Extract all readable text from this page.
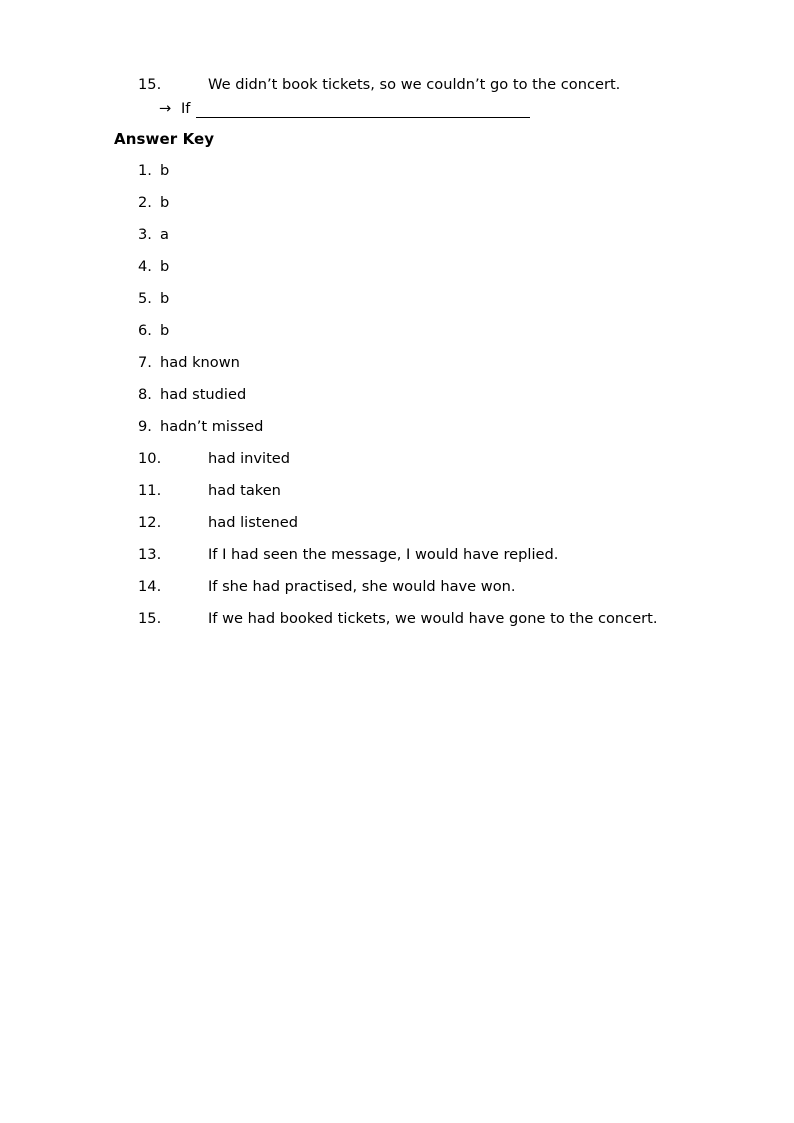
15.	We didn’t book tickets, so we couldn’t go to the concert.
→ If
Answer Key
1. b
2. b
3. a
4. b
5. b
6. b
7. had known
8. had studied
9. hadn’t missed
10.	had invited
11.	had taken
12.	had listened
13.	If I had seen the message, I would have replied.
14.	If she had practised, she would have won.
15.	If we had booked tickets, we would have gone to the concert.
